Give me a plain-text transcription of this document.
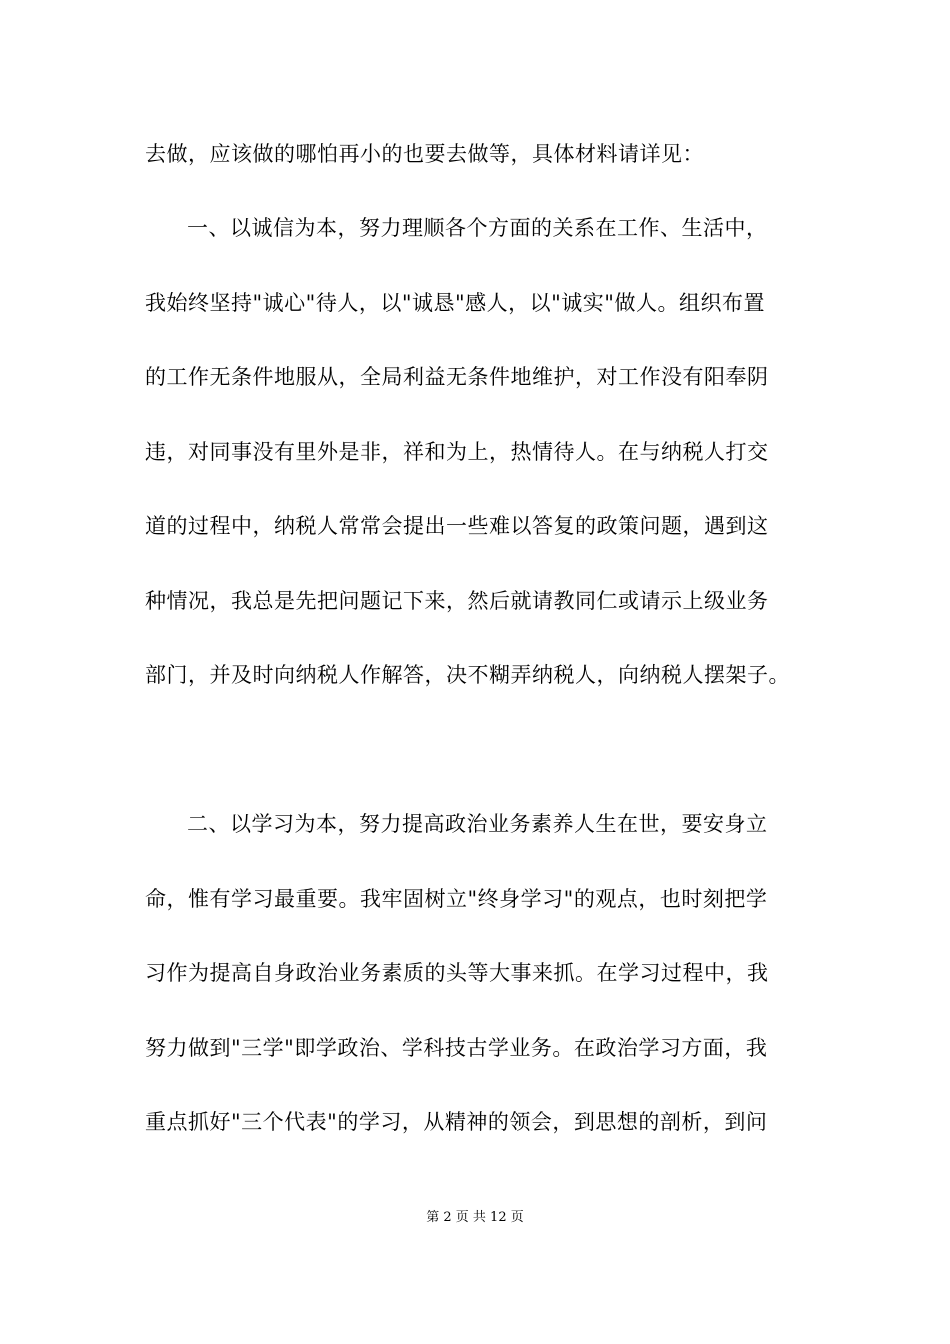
去做，应该做的哪怕再小的也要去做等，具体材料请详见：
一、以诚信为本，努力理顺各个方面的关系在工作、生活中，
我始终坚持"诚心"待人，以"诚恳"感人，以"诚实"做人。组织布置
的工作无条件地服从，全局利益无条件地维护，对工作没有阳奉阴
违，对同事没有里外是非，祥和为上，热情待人。在与纳税人打交
道的过程中，纳税人常常会提出一些难以答复的政策问题，遇到这
种情况，我总是先把问题记下来，然后就请教同仁或请示上级业务
部门，并及时向纳税人作解答，决不糊弄纳税人，向纳税人摆架子。
二、以学习为本，努力提高政治业务素养人生在世，要安身立
命，惟有学习最重要。我牢固树立"终身学习"的观点，也时刻把学
习作为提高自身政治业务素质的头等大事来抓。在学习过程中，我
努力做到"三学"即学政治、学科技古学业务。在政治学习方面，我
重点抓好"三个代表"的学习，从精神的领会，到思想的剖析，到问
第 2 页 共 12 页
